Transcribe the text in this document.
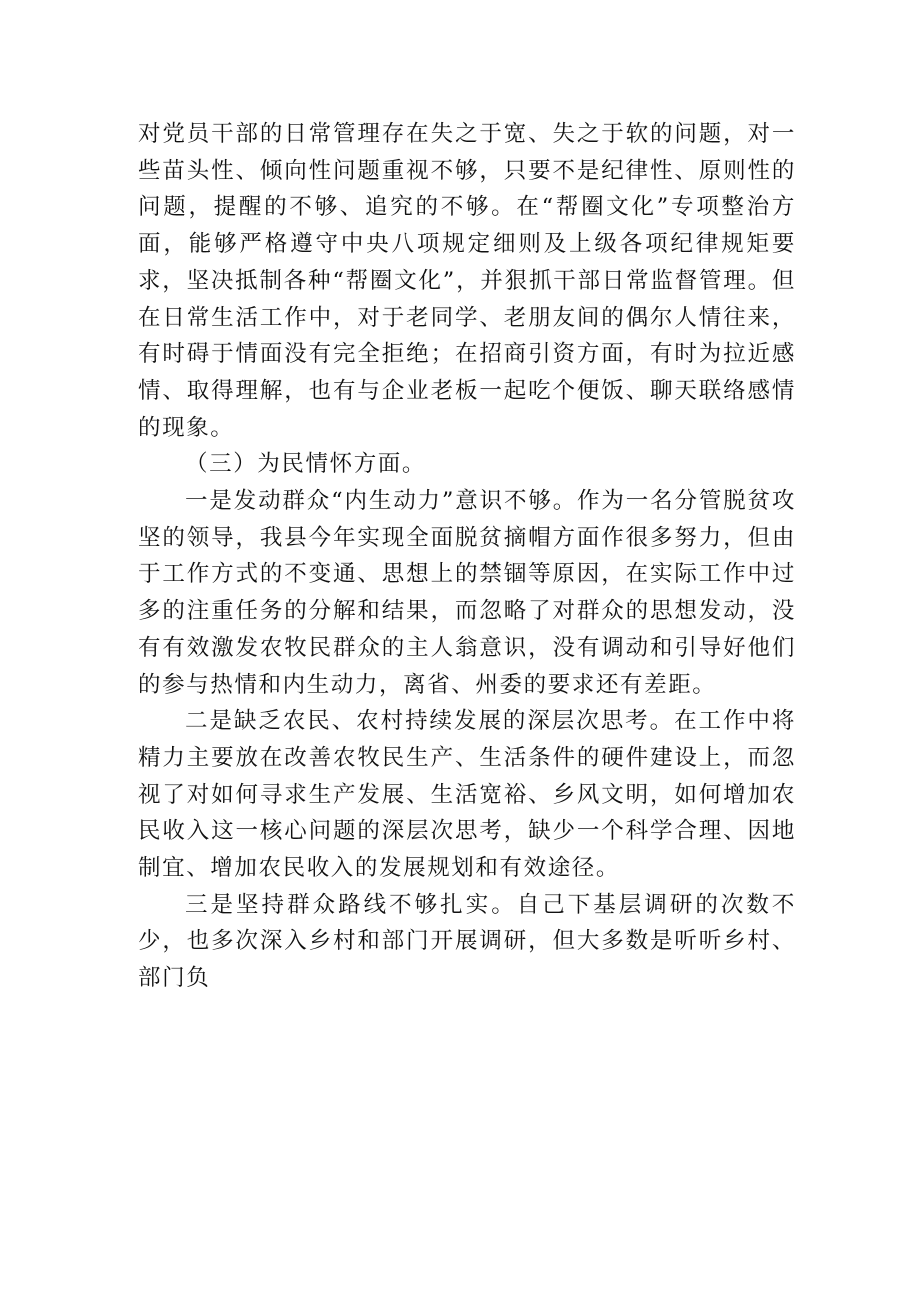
对党员干部的日常管理存在失之于宽、失之于软的问题，对一些苗头性、倾向性问题重视不够，只要不是纪律性、原则性的问题，提醒的不够、追究的不够。在“帮圈文化”专项整治方面，能够严格遵守中央八项规定细则及上级各项纪律规矩要求，坚决抵制各种“帮圈文化”，并狠抓干部日常监督管理。但在日常生活工作中，对于老同学、老朋友间的偶尔人情往来，有时碍于情面没有完全拒绝；在招商引资方面，有时为拉近感情、取得理解，也有与企业老板一起吃个便饭、聊天联络感情的现象。

（三）为民情怀方面。

一是发动群众“内生动力”意识不够。作为一名分管脱贫攻坚的领导，我县今年实现全面脱贫摘帽方面作很多努力，但由于工作方式的不变通、思想上的禁锢等原因，在实际工作中过多的注重任务的分解和结果，而忽略了对群众的思想发动，没有有效激发农牧民群众的主人翁意识，没有调动和引导好他们的参与热情和内生动力，离省、州委的要求还有差距。

二是缺乏农民、农村持续发展的深层次思考。在工作中将精力主要放在改善农牧民生产、生活条件的硬件建设上，而忽视了对如何寻求生产发展、生活宽裕、乡风文明，如何增加农民收入这一核心问题的深层次思考，缺少一个科学合理、因地制宜、增加农民收入的发展规划和有效途径。

三是坚持群众路线不够扎实。自己下基层调研的次数不少，也多次深入乡村和部门开展调研，但大多数是听听乡村、部门负
